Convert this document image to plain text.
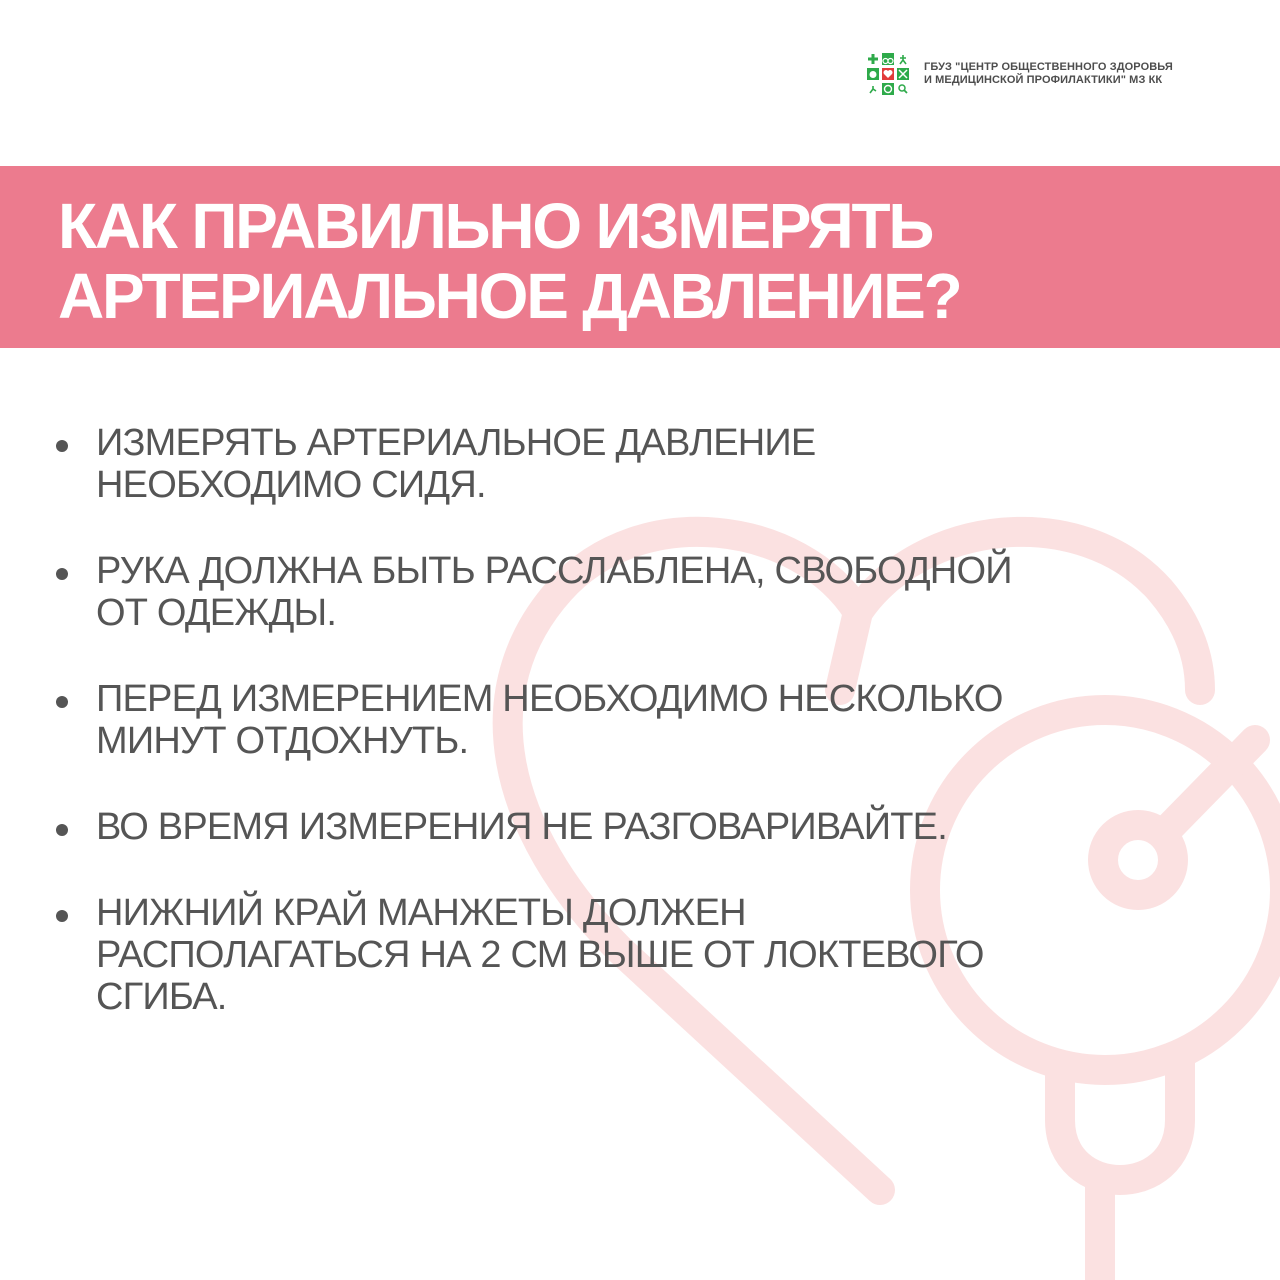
ГБУЗ "ЦЕНТР ОБЩЕСТВЕННОГО ЗДОРОВЬЯ
И МЕДИЦИНСКОЙ ПРОФИЛАКТИКИ" МЗ КК
КАК ПРАВИЛЬНО ИЗМЕРЯТЬ
АРТЕРИАЛЬНОЕ ДАВЛЕНИЕ?
ИЗМЕРЯТЬ АРТЕРИАЛЬНОЕ ДАВЛЕНИЕ
НЕОБХОДИМО СИДЯ.
РУКА ДОЛЖНА БЫТЬ РАССЛАБЛЕНА, СВОБОДНОЙ
ОТ ОДЕЖДЫ.
ПЕРЕД ИЗМЕРЕНИЕМ НЕОБХОДИМО НЕСКОЛЬКО
МИНУТ ОТДОХНУТЬ.
ВО ВРЕМЯ ИЗМЕРЕНИЯ НЕ РАЗГОВАРИВАЙТЕ.
НИЖНИЙ КРАЙ МАНЖЕТЫ ДОЛЖЕН
РАСПОЛАГАТЬСЯ НА 2 СМ ВЫШЕ ОТ ЛОКТЕВОГО
СГИБА.
